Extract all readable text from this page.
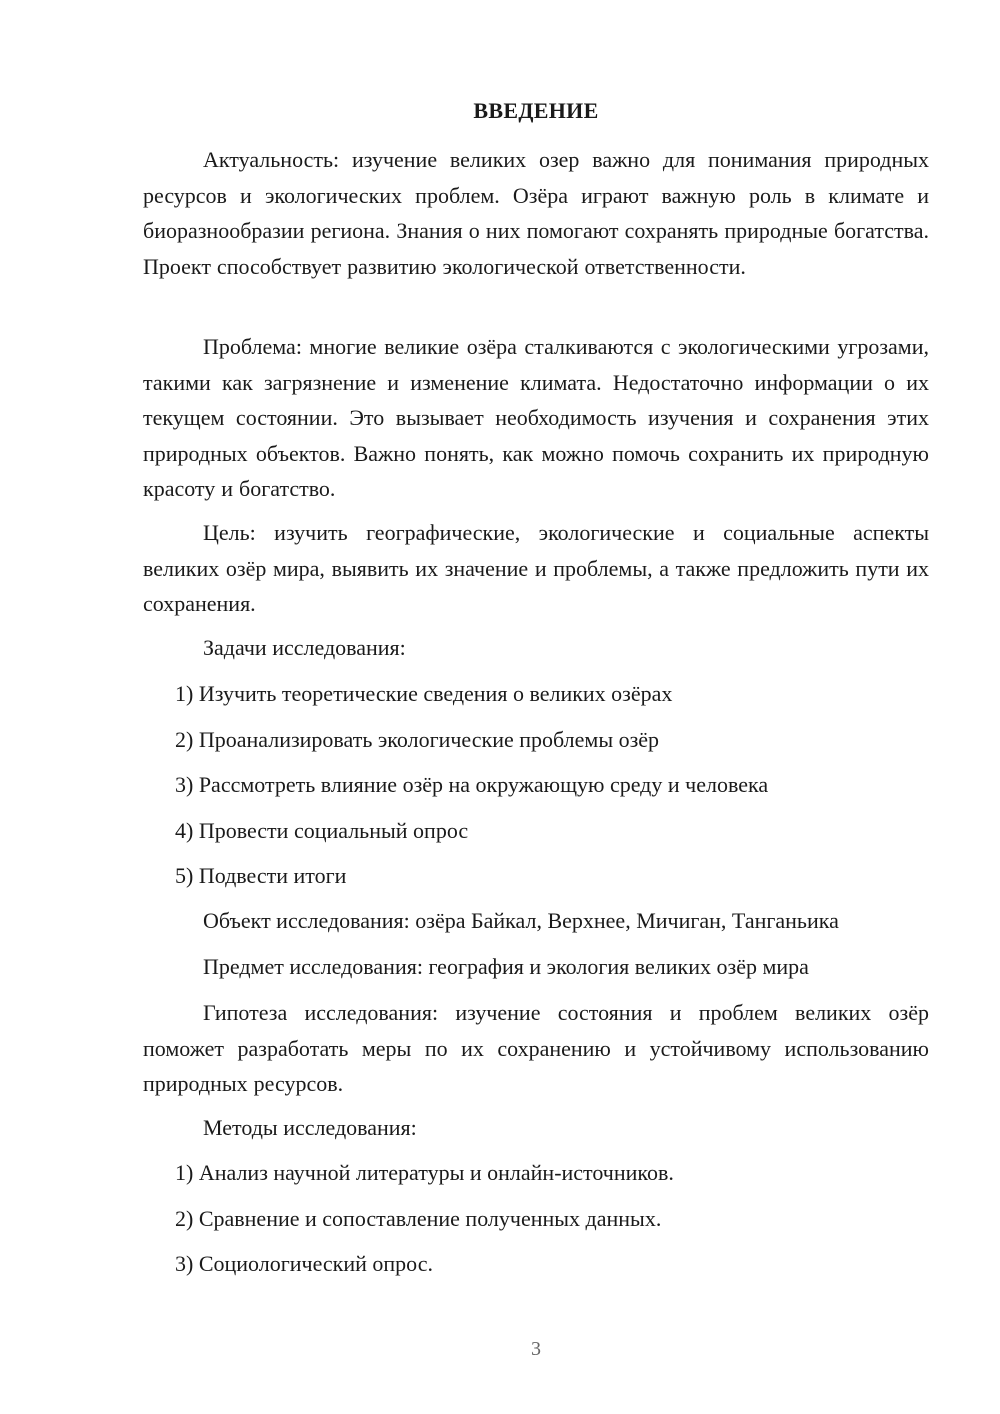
ВВЕДЕНИЕ

Актуальность: изучение великих озер важно для понимания природных ресурсов и экологических проблем. Озёра играют важную роль в климате и биоразнообразии региона. Знания о них помогают сохранять природные богатства. Проект способствует развитию экологической ответственности.

Проблема: многие великие озёра сталкиваются с экологическими угрозами, такими как загрязнение и изменение климата. Недостаточно информации о их текущем состоянии. Это вызывает необходимость изучения и сохранения этих природных объектов. Важно понять, как можно помочь сохранить их природную красоту и богатство.

Цель: изучить географические, экологические и социальные аспекты великих озёр мира, выявить их значение и проблемы, а также предложить пути их сохранения.

Задачи исследования:

1) Изучить теоретические сведения о великих озёрах

2) Проанализировать экологические проблемы озёр

3) Рассмотреть влияние озёр на окружающую среду и человека

4) Провести социальный опрос

5) Подвести итоги

Объект исследования: озёра Байкал, Верхнее, Мичиган, Танганьика

Предмет исследования: география и экология великих озёр мира

Гипотеза исследования: изучение состояния и проблем великих озёр поможет разработать меры по их сохранению и устойчивому использованию природных ресурсов.

Методы исследования:

1) Анализ научной литературы и онлайн-источников.

2) Сравнение и сопоставление полученных данных.

3) Социологический опрос.

3
